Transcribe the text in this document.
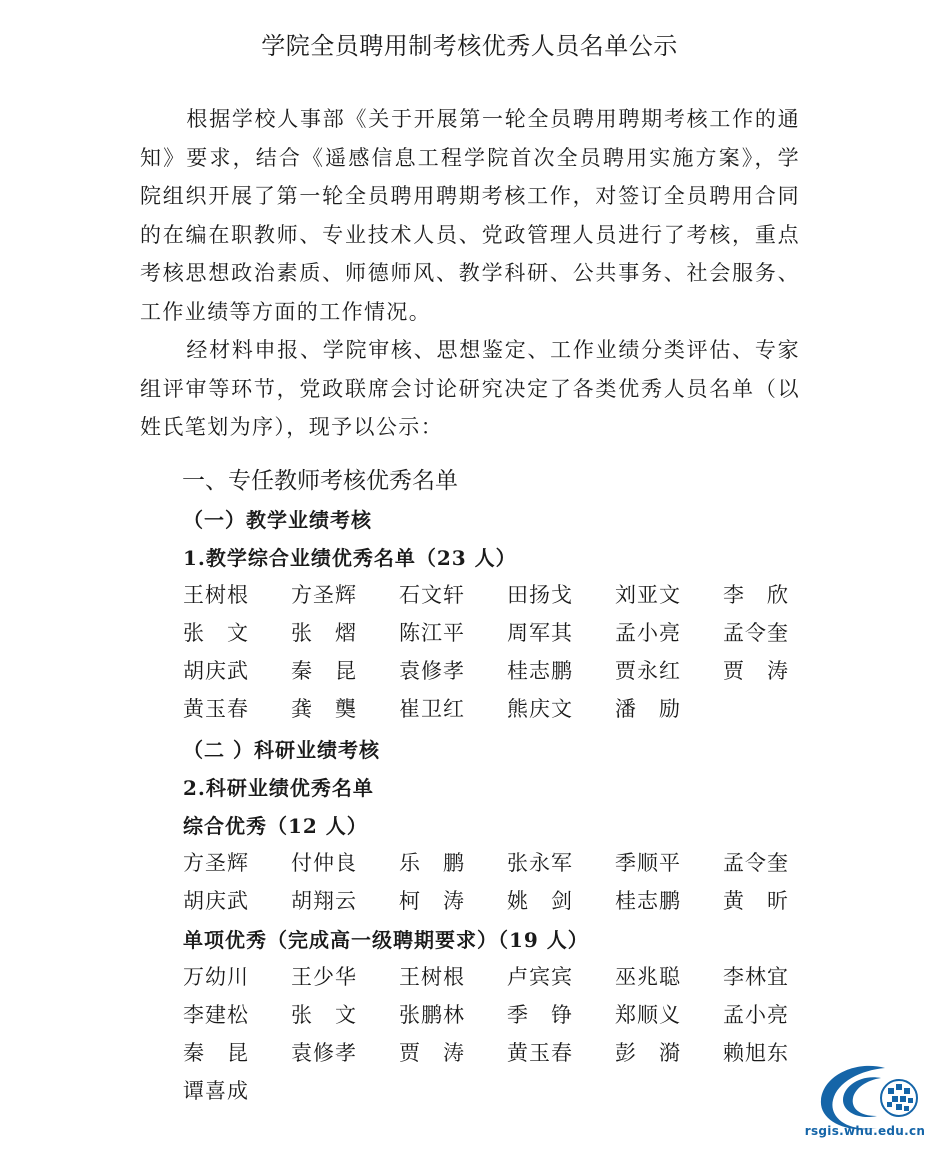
学院全员聘用制考核优秀人员名单公示

根据学校人事部《关于开展第一轮全员聘用聘期考核工作的通知》要求，结合《遥感信息工程学院首次全员聘用实施方案》，学院组织开展了第一轮全员聘用聘期考核工作，对签订全员聘用合同的在编在职教师、专业技术人员、党政管理人员进行了考核，重点考核思想政治素质、师德师风、教学科研、公共事务、社会服务、工作业绩等方面的工作情况。

经材料申报、学院审核、思想鉴定、工作业绩分类评估、专家组评审等环节，党政联席会讨论研究决定了各类优秀人员名单（以姓氏笔划为序），现予以公示：

一、专任教师考核优秀名单
（一）教学业绩考核
1.教学综合业绩优秀名单（23 人）
王树根	方圣辉	石文轩	田扬戈	刘亚文	李　欣
张　文	张　熠	陈江平	周军其	孟小亮	孟令奎
胡庆武	秦　昆	袁修孝	桂志鹏	贾永红	贾　涛
黄玉春	龚　龑	崔卫红	熊庆文	潘　励
（二 ）科研业绩考核
2.科研业绩优秀名单
综合优秀（12 人）
方圣辉	付仲良	乐　鹏	张永军	季顺平	孟令奎
胡庆武	胡翔云	柯　涛	姚　剑	桂志鹏	黄　昕
单项优秀（完成高一级聘期要求）（19 人）
万幼川	王少华	王树根	卢宾宾	巫兆聪	李林宜
李建松	张　文	张鹏林	季　铮	郑顺义	孟小亮
秦　昆	袁修孝	贾　涛	黄玉春	彭　漪	赖旭东
谭喜成
rsgis.whu.edu.cn
